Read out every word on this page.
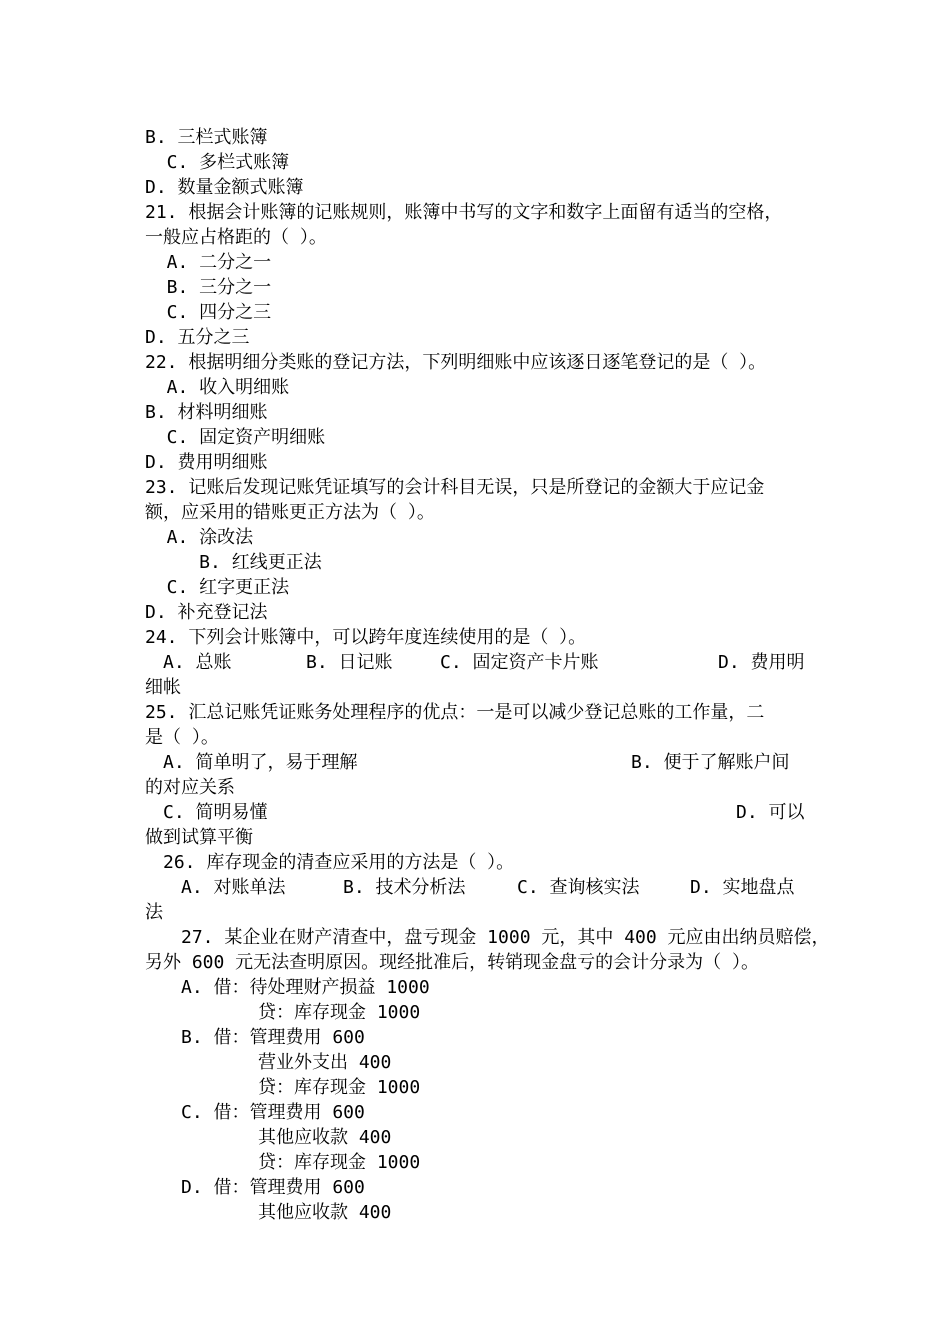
B. 三栏式账簿
C. 多栏式账簿
D. 数量金额式账簿
21. 根据会计账簿的记账规则，账簿中书写的文字和数字上面留有适当的空格，
一般应占格距的（ ）。
A. 二分之一
B. 三分之一
C. 四分之三
D. 五分之三
22. 根据明细分类账的登记方法，下列明细账中应该逐日逐笔登记的是（ ）。
A. 收入明细账
B. 材料明细账
C. 固定资产明细账
D. 费用明细账
23. 记账后发现记账凭证填写的会计科目无误，只是所登记的金额大于应记金
额，应采用的错账更正方法为（ ）。
A. 涂改法
B. 红线更正法
C. 红字更正法
D. 补充登记法
24. 下列会计账簿中，可以跨年度连续使用的是（ ）。
A. 总账	B. 日记账	C. 固定资产卡片账	D. 费用明
细帐
25. 汇总记账凭证账务处理程序的优点：一是可以减少登记总账的工作量，二
是（ ）。
A. 简单明了，易于理解	B. 便于了解账户间
的对应关系
C. 简明易懂	D. 可以
做到试算平衡
26. 库存现金的清查应采用的方法是（ ）。
A. 对账单法	B. 技术分析法	C. 查询核实法	D. 实地盘点
法
27. 某企业在财产清查中，盘亏现金 1000 元，其中 400 元应由出纳员赔偿，
另外 600 元无法查明原因。现经批准后，转销现金盘亏的会计分录为（ ）。
A. 借：待处理财产损益 1000
贷：库存现金 1000
B. 借：管理费用 600
营业外支出 400
贷：库存现金 1000
C. 借：管理费用 600
其他应收款 400
贷：库存现金 1000
D. 借：管理费用 600
其他应收款 400
